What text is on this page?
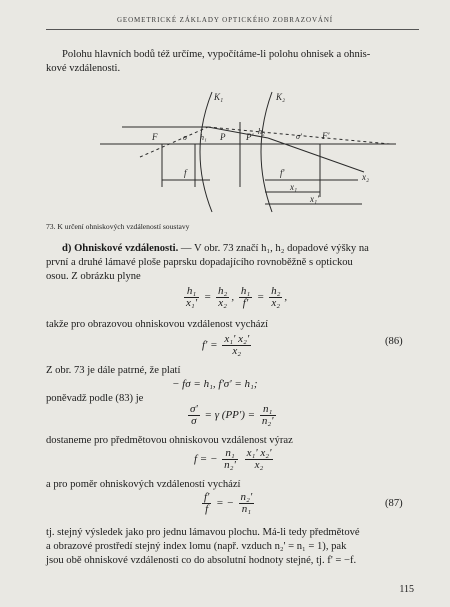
GEOMETRICKÉ ZÁKLADY OPTICKÉHO ZOBRAZOVÁNÍ
Polohu hlavních bodů též určíme, vypočítáme-li polohu ohnisek a ohnis-
kové vzdálenosti.
K₁	K₂
F	σ h₁ P P'
h₂
σ' F'
f	f'	x₂
x₁
x₁'
73. K určení ohniskových vzdáleností soustavy
d) Ohniskové vzdálenosti. — V obr. 73 značí h₁, h₂ dopadové výšky na
první a druhé lámavé ploše paprsku dopadajícího rovnoběžně s optickou
osou. Z obrázku plyne
$\frac{\text{h₁}}{\text{x₁'}} = \frac{\text{h₂}}{\text{x₂}}$ , $\frac{\text{h₁}}{f'} = \frac{\text{h₂}}{\text{x₂}}$ ,
takže pro obrazovou ohniskovou vzdálenost vychází
$f' = \frac{\text{x₁' x₂'}}{\text{x₂}}$	(86)
Z obr. 73 je dále patrné, že platí
− fσ = h₁, f'σ' = h₁;
poněvadž podle (83) je
$\frac{\sigma'}{\sigma} = \gamma$ $(PP') = \frac{\text{n₁}}{\text{n₂'}}$
dostaneme pro předmětovou ohniskovou vzdálenost výraz
f = − $\frac{\text{n₁}}{\text{n₂'}}$
$\frac{\text{x₁' x₂'}}{\text{x₂}}$
a pro poměr ohniskových vzdáleností vychází
$\frac{f'}{f}$ = − $\frac{\text{n₂'}}{\text{n₁}}$	(87)
tj. stejný výsledek jako pro jednu lámavou plochu. Má-li tedy předmětové
a obrazové prostředí stejný index lomu (např. vzduch n₂' = n₁ = 1), pak
jsou obě ohniskové vzdálenosti co do absolutní hodnoty stejné, tj. f' = −f.
115
